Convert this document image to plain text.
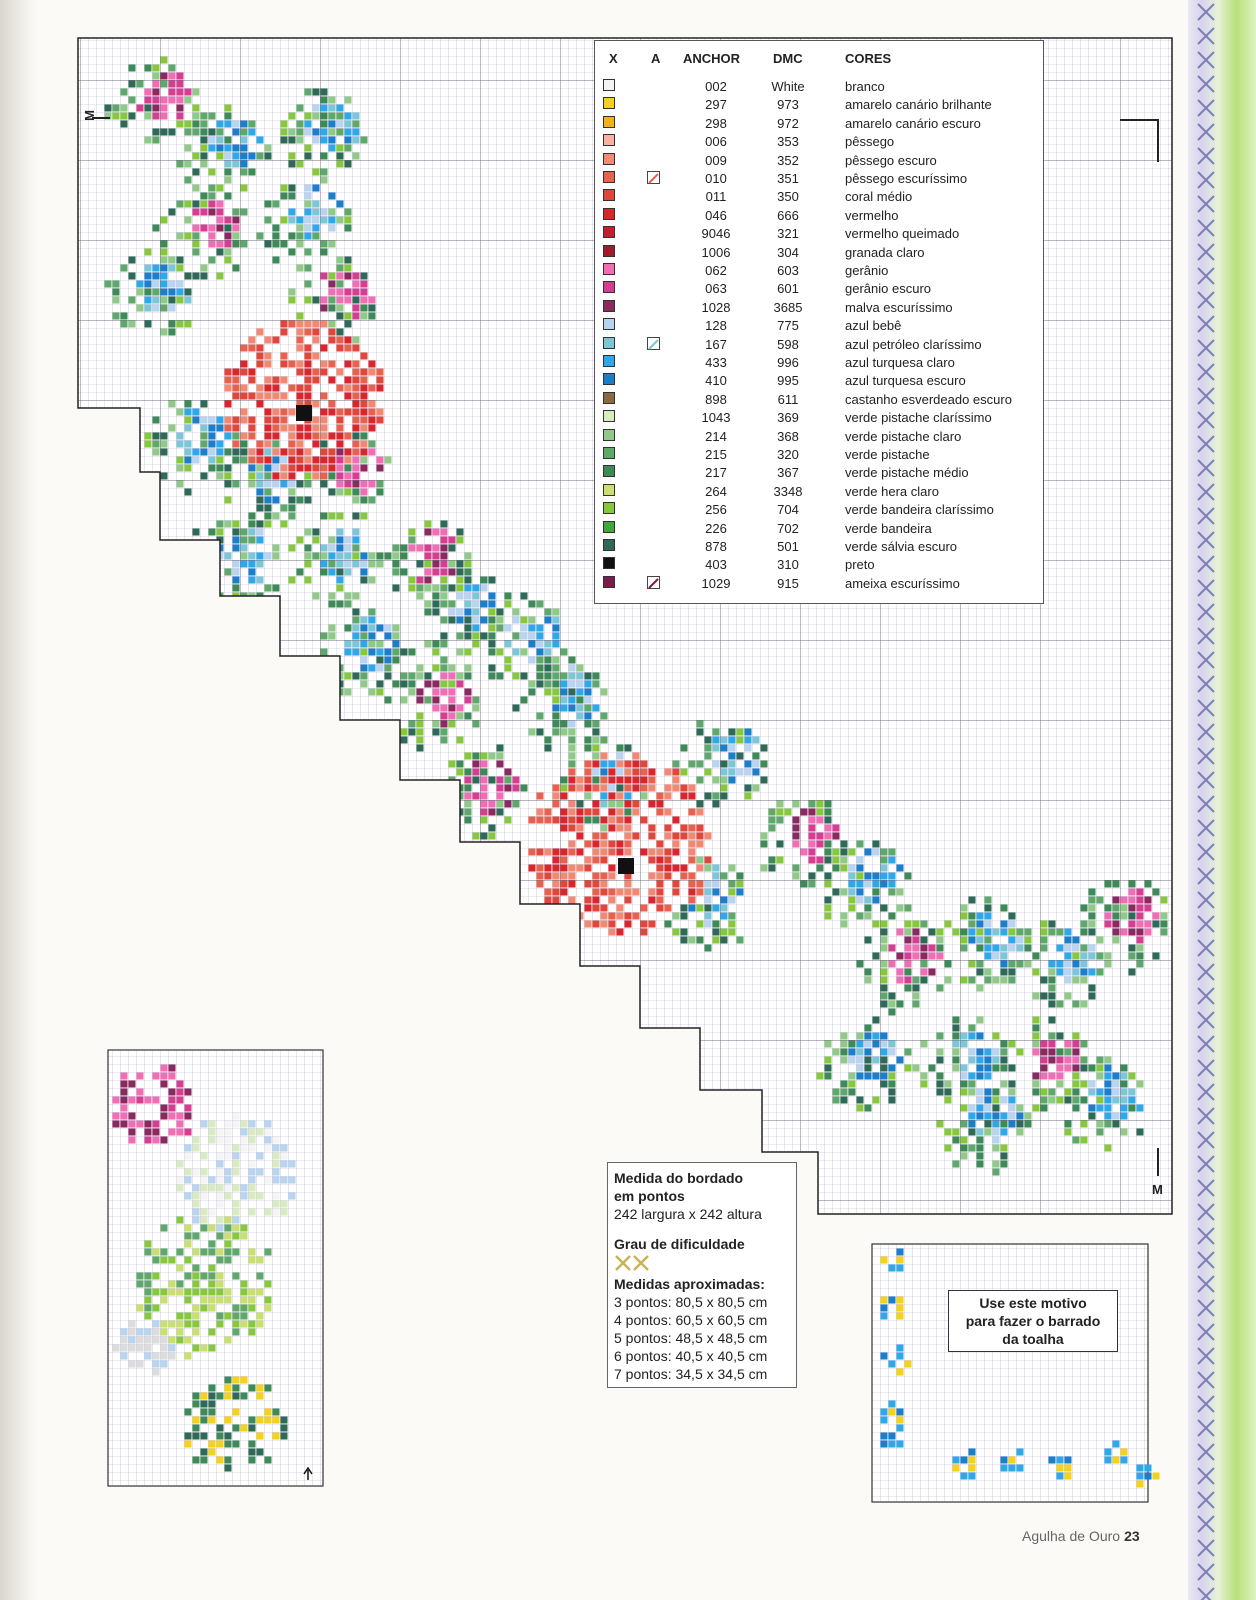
M
M
X	A ANCHOR	DMC	CORES
002	White	branco
297	973	amarelo canário brilhante
298	972	amarelo canário escuro
006	353	pêssego
009	352	pêssego escuro
010	351	pêssego escuríssimo
011	350	coral médio
046	666	vermelho
9046	321	vermelho queimado
1006	304	granada claro
062	603	gerânio
063	601	gerânio escuro
1028	3685	malva escuríssimo
128	775	azul bebê
167	598	azul petróleo claríssimo
433	996	azul turquesa claro
410	995	azul turquesa escuro
898	611	castanho esverdeado escuro
1043	369	verde pistache claríssimo
214	368	verde pistache claro
215	320	verde pistache
217	367	verde pistache médio
264	3348	verde hera claro
256	704	verde bandeira claríssimo
226	702	verde bandeira
878	501	verde sálvia escuro
403	310	preto
1029	915	ameixa escuríssimo
Medida do bordado
em pontos
242 largura x 242 altura
Grau de dificuldade
Medidas aproximadas:
3 pontos: 80,5 x 80,5 cm
4 pontos: 60,5 x 60,5 cm
5 pontos: 48,5 x 48,5 cm
6 pontos: 40,5 x 40,5 cm
7 pontos: 34,5 x 34,5 cm
Use este motivo
para fazer o barrado
da toalha
Agulha de Ouro 23
